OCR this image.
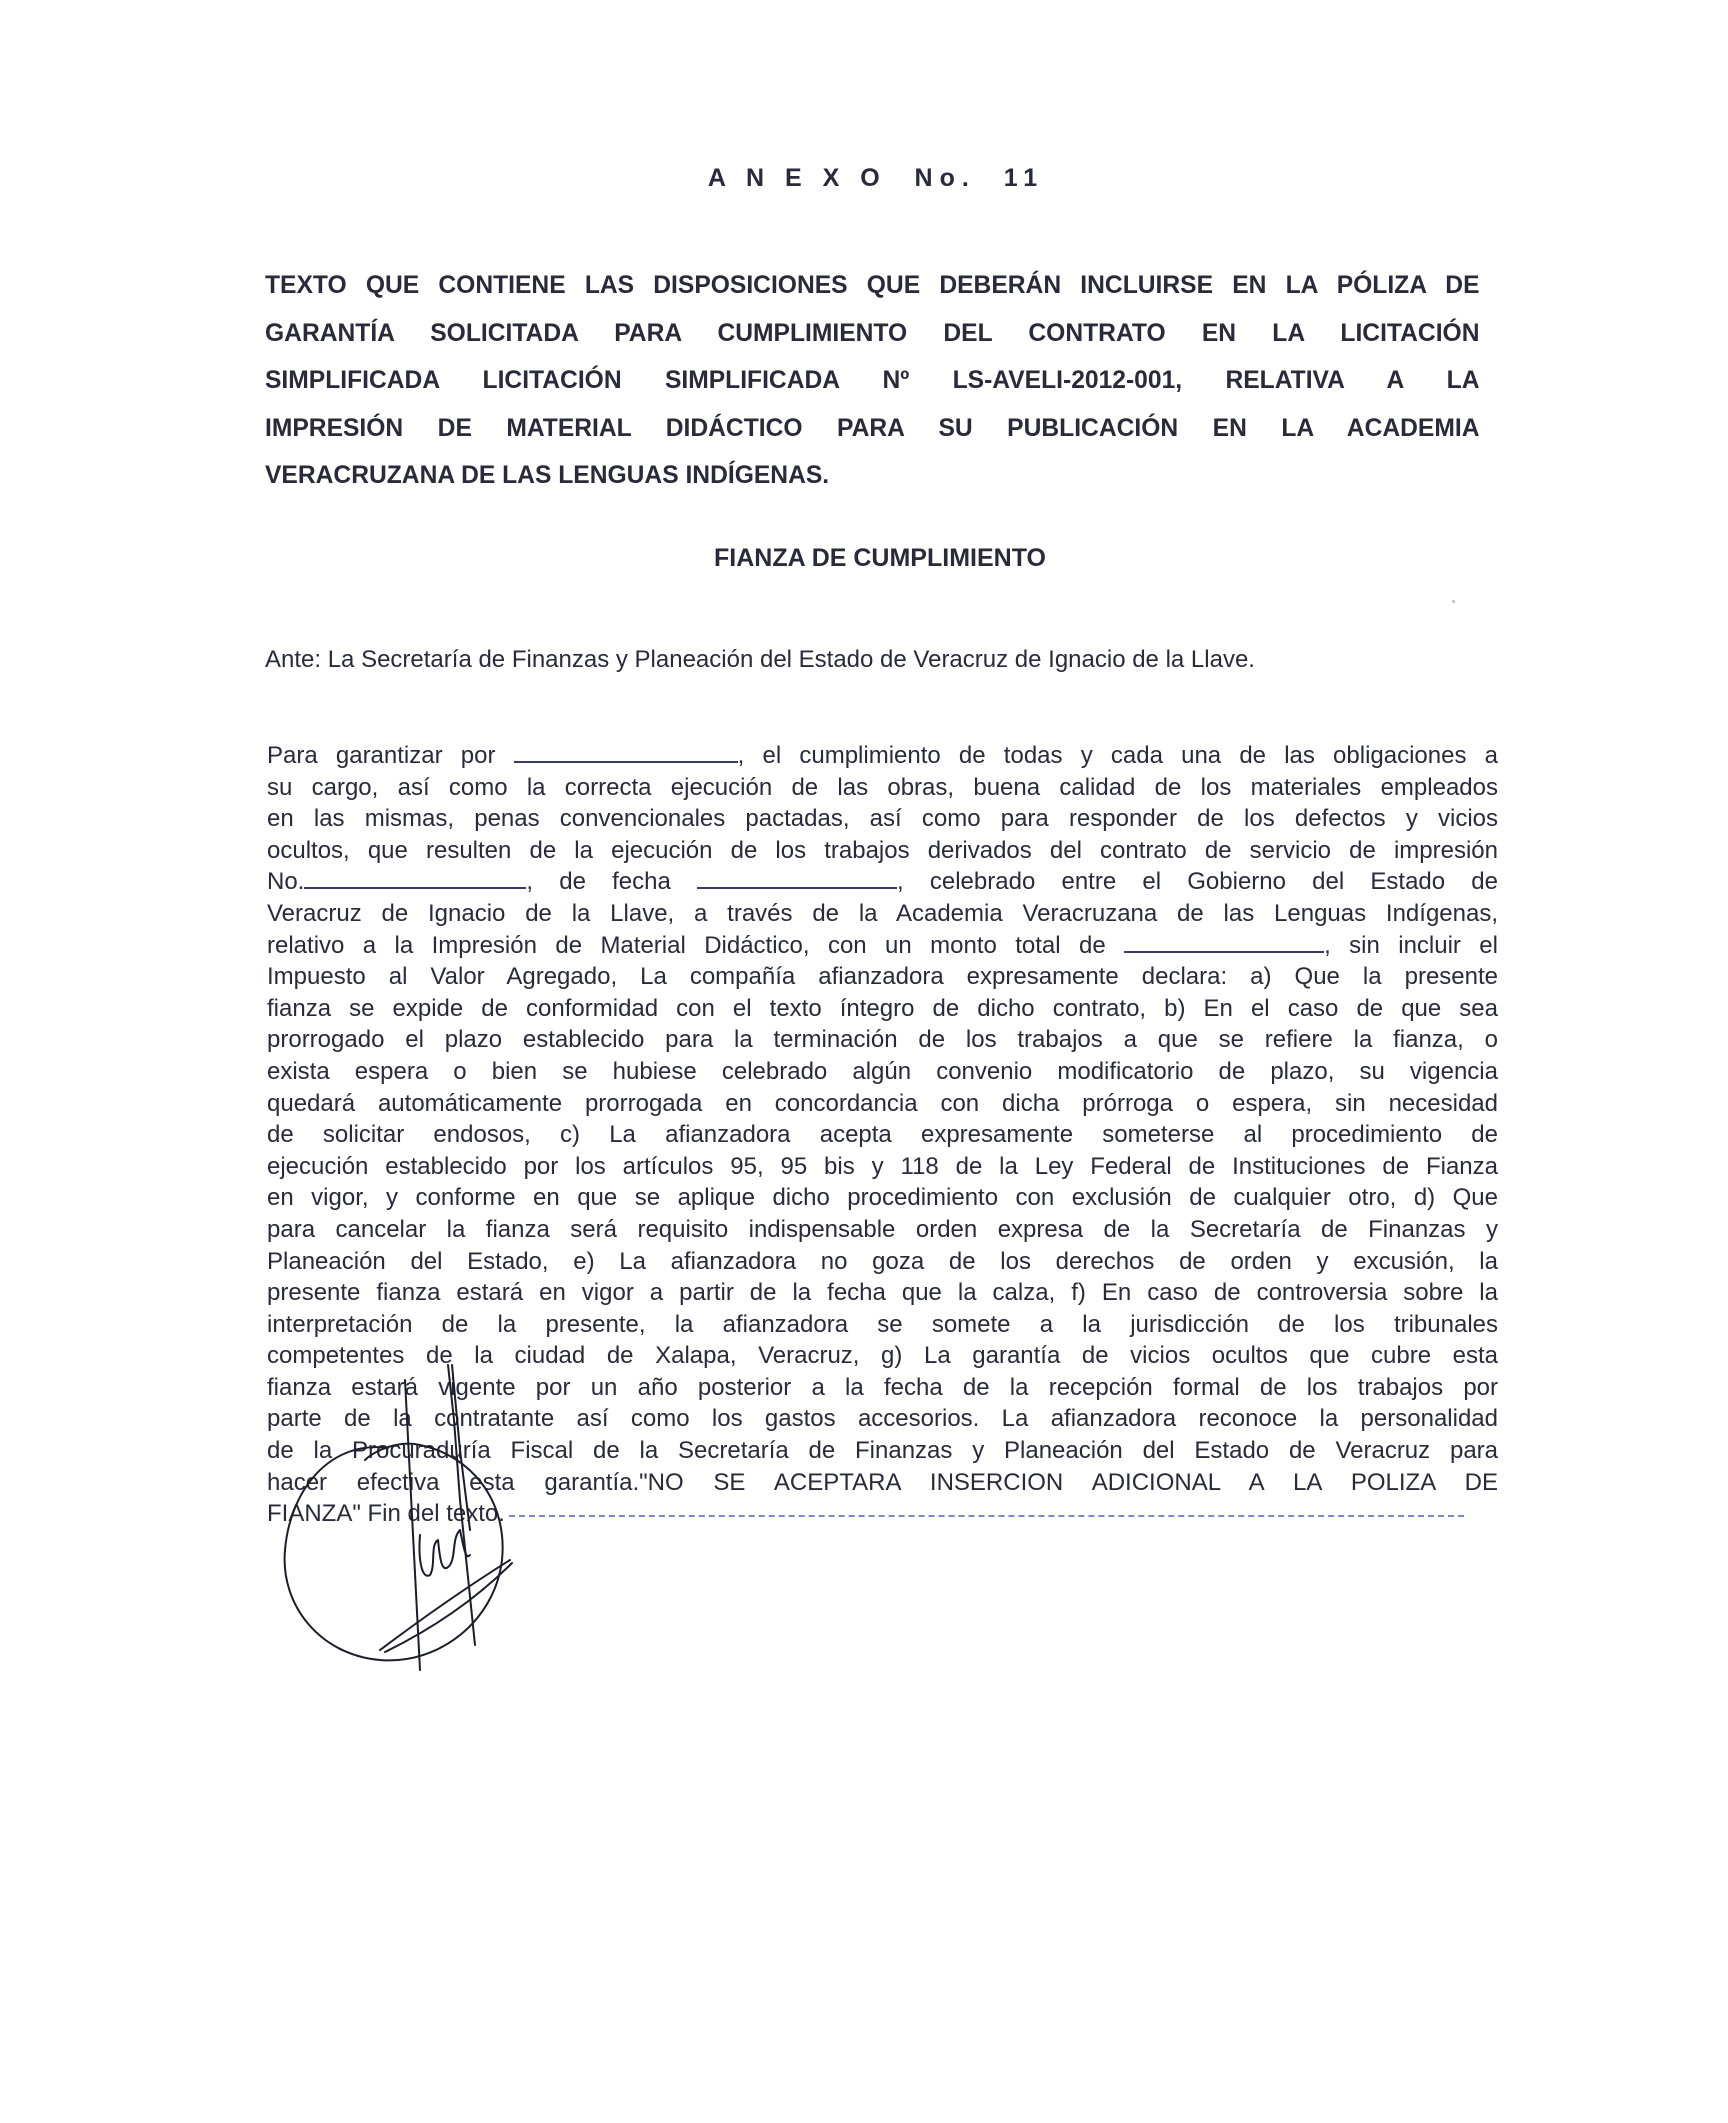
A N E X O  No.  11
TEXTO QUE CONTIENE LAS DISPOSICIONES QUE DEBERÁN INCLUIRSE EN LA PÓLIZA DE
GARANTÍA SOLICITADA PARA CUMPLIMIENTO DEL CONTRATO EN LA LICITACIÓN
SIMPLIFICADA LICITACIÓN SIMPLIFICADA Nº LS-AVELI-2012-001, RELATIVA A LA
IMPRESIÓN DE MATERIAL DIDÁCTICO PARA SU PUBLICACIÓN EN LA ACADEMIA
VERACRUZANA DE LAS LENGUAS INDÍGENAS.
FIANZA DE CUMPLIMIENTO
Ante: La Secretaría de Finanzas y Planeación del Estado de Veracruz de Ignacio de la Llave.
Para garantizar por	, el cumplimiento de todas y cada una de las obligaciones a
su cargo, así como la correcta ejecución de las obras, buena calidad de los materiales empleados
en las mismas, penas convencionales pactadas, así como para responder de los defectos y vicios
ocultos, que resulten de la ejecución de los trabajos derivados del contrato de servicio de impresión
No.	, de fecha	, celebrado entre el Gobierno del Estado de
Veracruz de Ignacio de la Llave, a través de la Academia Veracruzana de las Lenguas Indígenas,
relativo a la Impresión de Material Didáctico, con un monto total de	, sin incluir el
Impuesto al Valor Agregado, La compañía afianzadora expresamente declara: a) Que la presente
fianza se expide de conformidad con el texto íntegro de dicho contrato, b) En el caso de que sea
prorrogado el plazo establecido para la terminación de los trabajos a que se refiere la fianza, o
exista espera o bien se hubiese celebrado algún convenio modificatorio de plazo, su vigencia
quedará automáticamente prorrogada en concordancia con dicha prórroga o espera, sin necesidad
de solicitar endosos, c) La afianzadora acepta expresamente someterse al procedimiento de
ejecución establecido por los artículos 95, 95 bis y 118 de la Ley Federal de Instituciones de Fianza
en vigor, y conforme en que se aplique dicho procedimiento con exclusión de cualquier otro, d) Que
para cancelar la fianza será requisito indispensable orden expresa de la Secretaría de Finanzas y
Planeación del Estado, e) La afianzadora no goza de los derechos de orden y excusión, la
presente fianza estará en vigor a partir de la fecha que la calza, f) En caso de controversia sobre la
interpretación de la presente, la afianzadora se somete a la jurisdicción de los tribunales
competentes de la ciudad de Xalapa, Veracruz, g) La garantía de vicios ocultos que cubre esta
fianza estará vigente por un año posterior a la fecha de la recepción formal de los trabajos por
parte de la contratante así como los gastos accesorios. La afianzadora reconoce la personalidad
de la Procuraduría Fiscal de la Secretaría de Finanzas y Planeación del Estado de Veracruz para
hacer efectiva esta garantía."NO SE ACEPTARA INSERCION ADICIONAL A LA POLIZA DE
FIANZA" Fin del texto.
